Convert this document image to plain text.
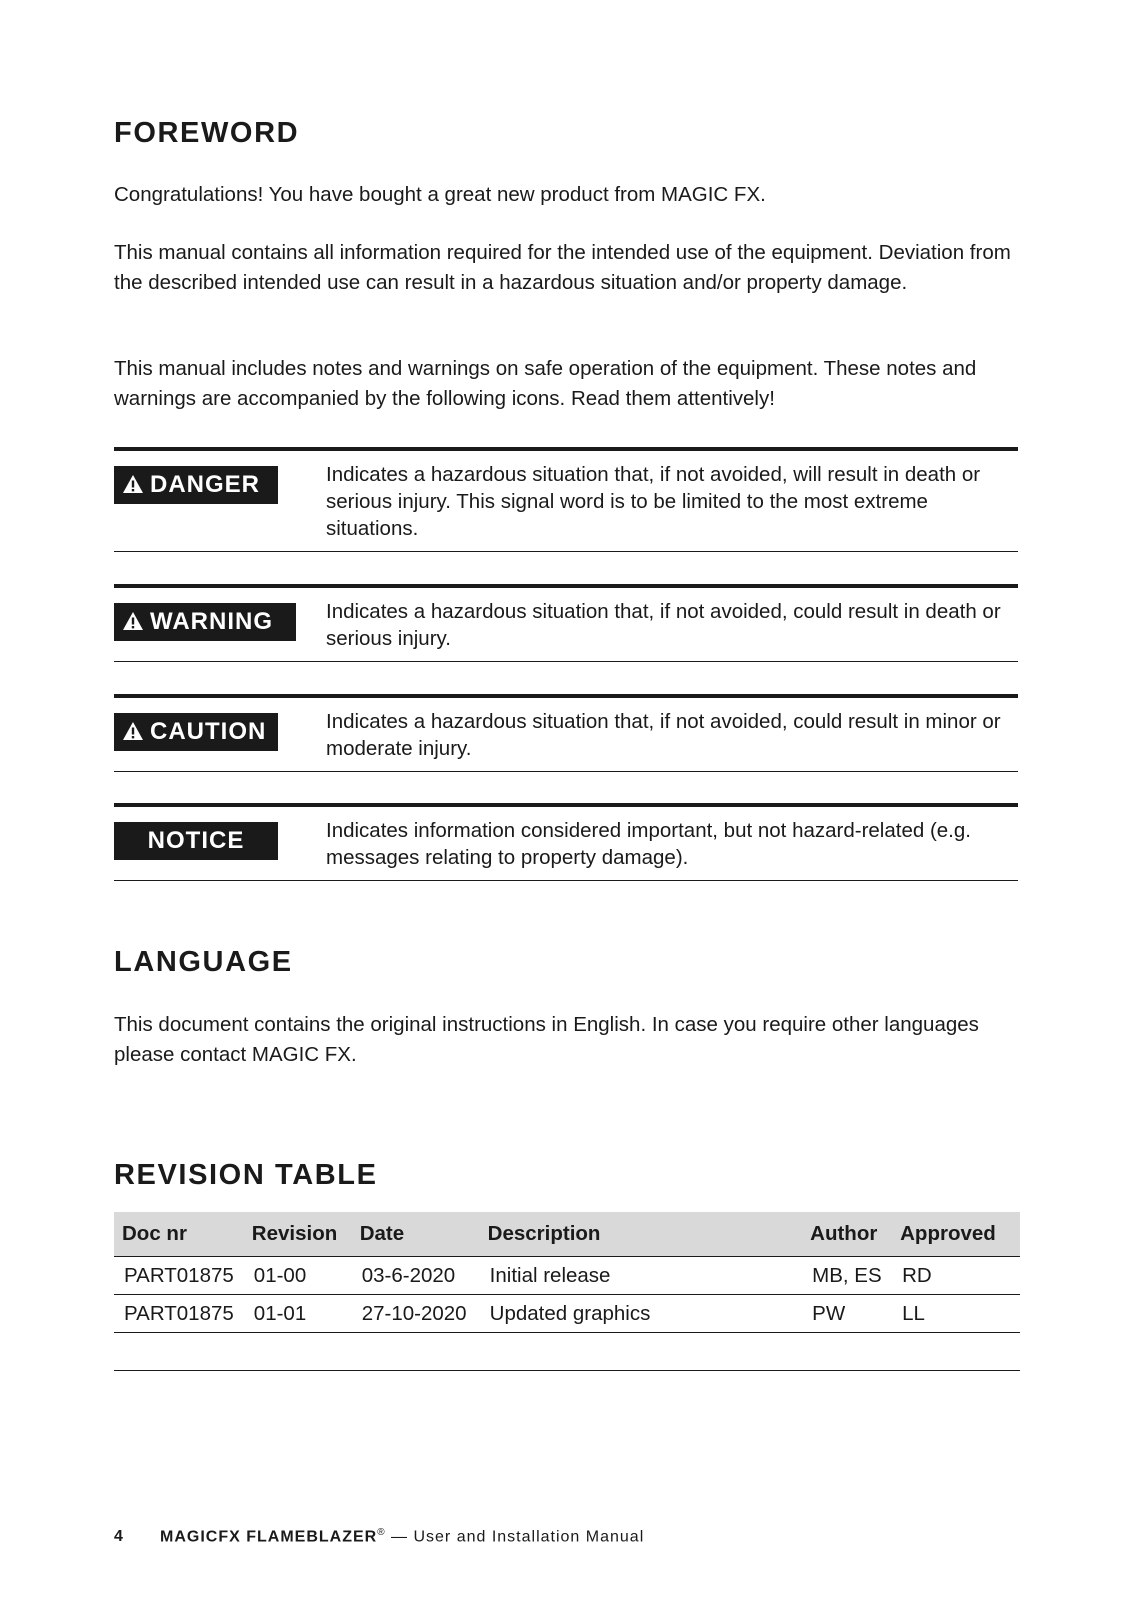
FOREWORD

Congratulations! You have bought a great new product from MAGIC FX.

This manual contains all information required for the intended use of the equipment. Deviation from the described intended use can result in a hazardous situation and/or property damage.

This manual includes notes and warnings on safe operation of the equipment. These notes and warnings are accompanied by the following icons. Read them attentively!

DANGER	Indicates a hazardous situation that, if not avoided, will result in death or serious injury. This signal word is to be limited to the most extreme situations.
WARNING	Indicates a hazardous situation that, if not avoided, could result in death or serious injury.
CAUTION	Indicates a hazardous situation that, if not avoided, could result in minor or moderate injury.
NOTICE	Indicates information considered important, but not hazard-related (e.g. messages relating to property damage).
LANGUAGE

This document contains the original instructions in English. In case you require other languages please contact MAGIC FX.

REVISION TABLE
Doc nr	Revision	Date	Description	Author	Approved
PART01875	01-00	03-6-2020	Initial release	MB, ES	RD
PART01875	01-01	27-10-2020	Updated graphics	PW	LL

4 MAGICFX FLAMEBLAZER® — User and Installation Manual
